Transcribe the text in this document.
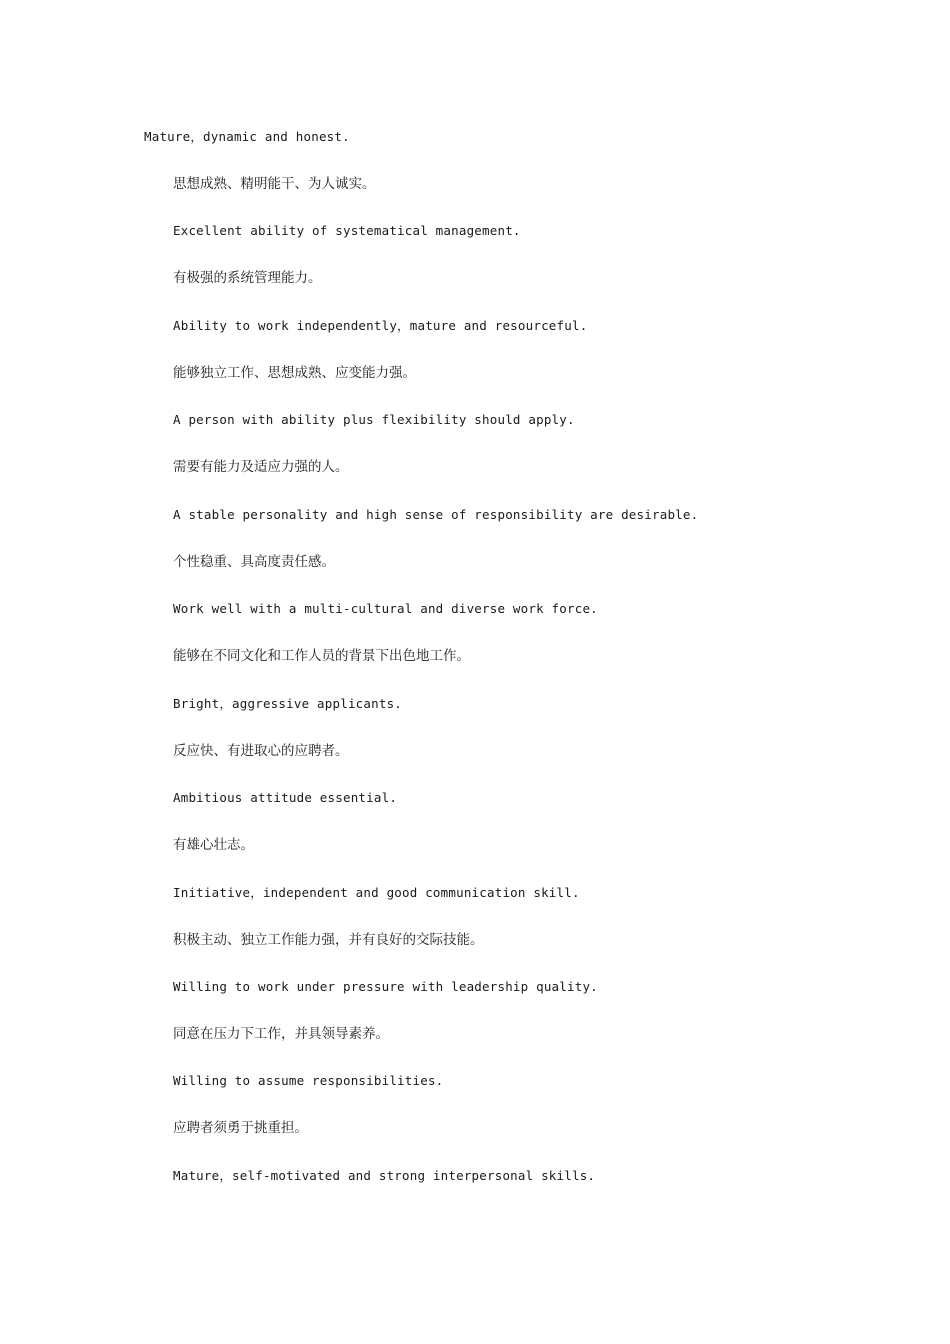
Mature，dynamic and honest.

思想成熟、精明能干、为人诚实。

Excellent ability of systematical management.

有极强的系统管理能力。

Ability to work independently，mature and resourceful.

能够独立工作、思想成熟、应变能力强。

A person with ability plus flexibility should apply.

需要有能力及适应力强的人。

A stable personality and high sense of responsibility are desirable.

个性稳重、具高度责任感。

Work well with a multi-cultural and diverse work force.

能够在不同文化和工作人员的背景下出色地工作。

Bright，aggressive applicants.

反应快、有进取心的应聘者。

Ambitious attitude essential.

有雄心壮志。

Initiative，independent and good communication skill.

积极主动、独立工作能力强，并有良好的交际技能。

Willing to work under pressure with leadership quality.

同意在压力下工作，并具领导素养。

Willing to assume responsibilities.

应聘者须勇于挑重担。

Mature，self-motivated and strong interpersonal skills.
